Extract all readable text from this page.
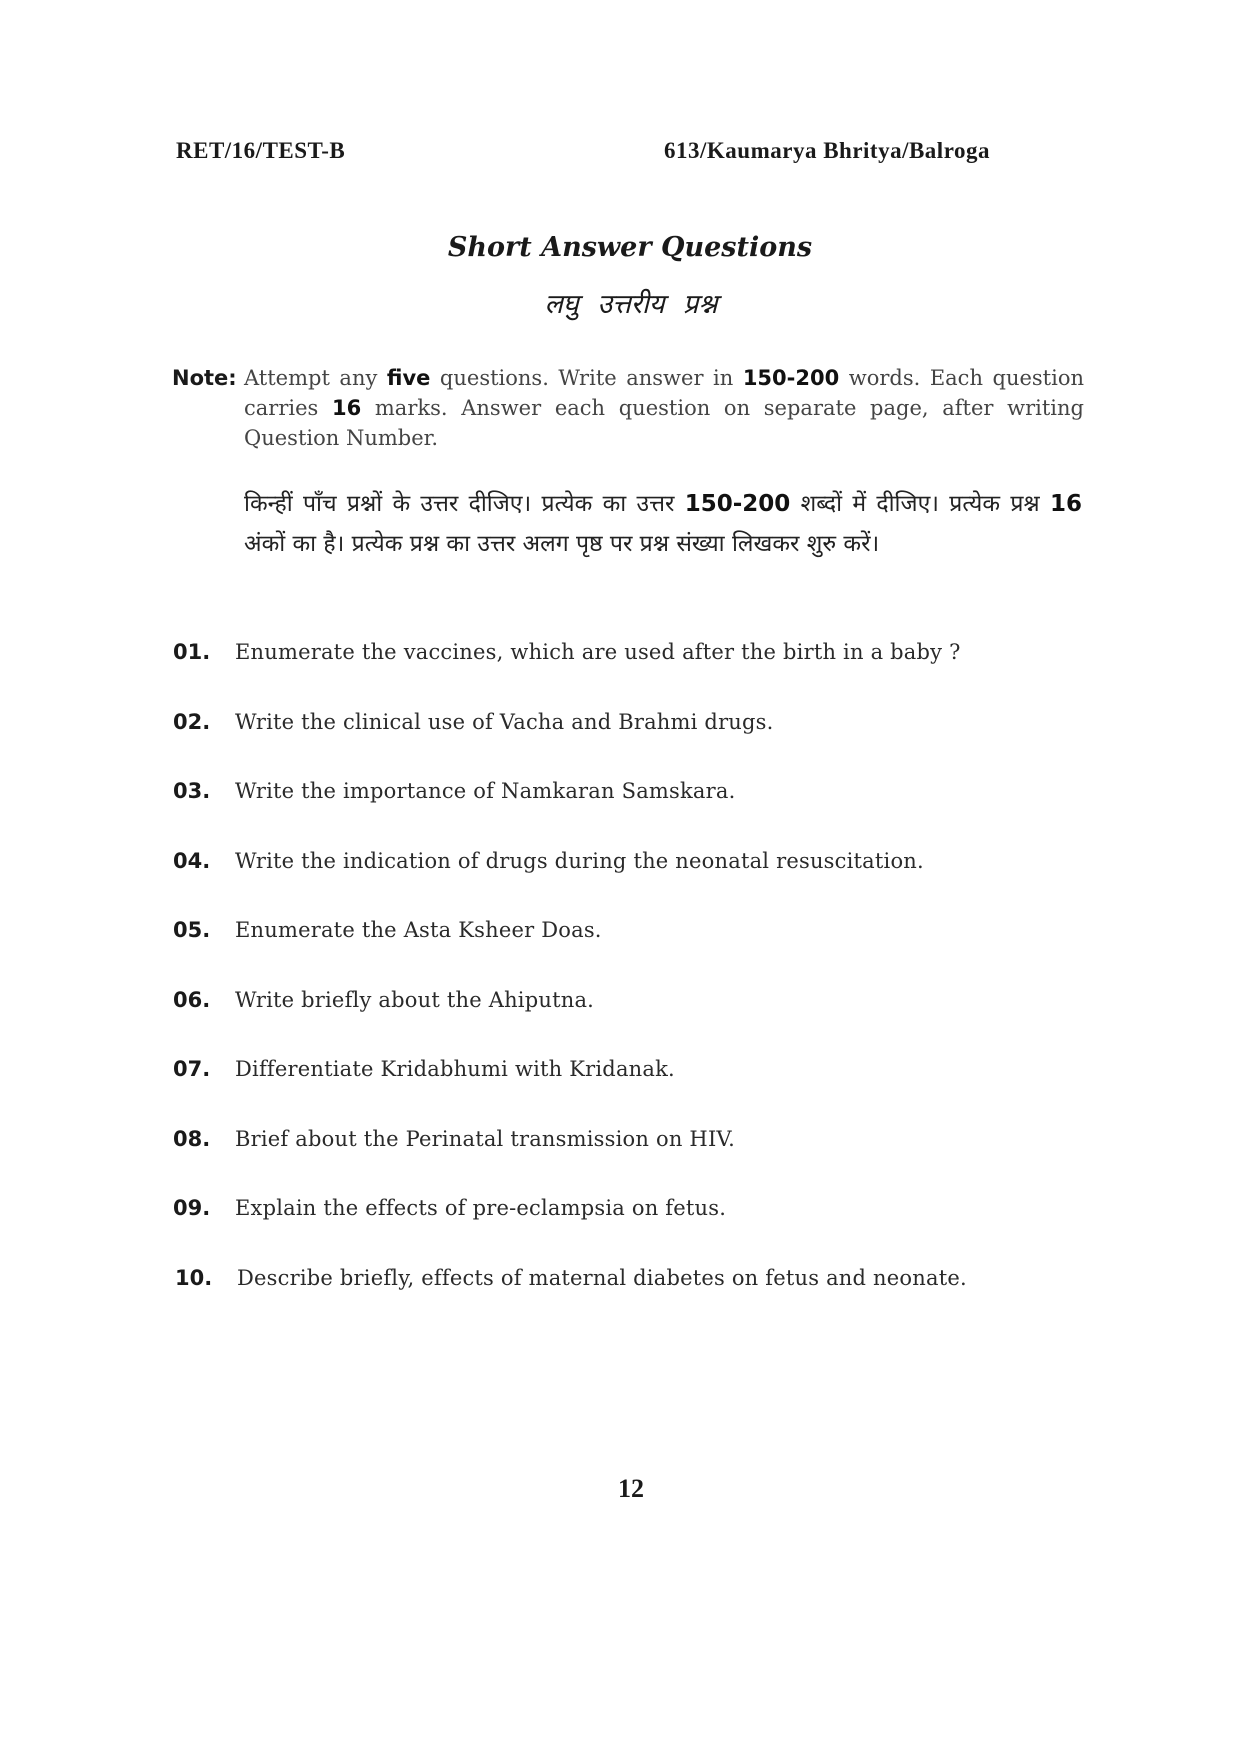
RET/16/TEST-B	613/Kaumarya Bhritya/Balroga
Short Answer Questions
लघु उत्तरीय प्रश्न
Note: Attempt any five questions. Write answer in 150-200 words. Each question carries 16 marks. Answer each question on separate page, after writing Question Number.
किन्हीं पाँच प्रश्नों के उत्तर दीजिए। प्रत्येक का उत्तर 150-200 शब्दों में दीजिए। प्रत्येक प्रश्न 16 अंकों का है। प्रत्येक प्रश्न का उत्तर अलग पृष्ठ पर प्रश्न संख्या लिखकर शुरु करें।
01.	Enumerate the vaccines, which are used after the birth in a baby ?
02.	Write the clinical use of Vacha and Brahmi drugs.
03.	Write the importance of Namkaran Samskara.
04.	Write the indication of drugs during the neonatal resuscitation.
05.	Enumerate the Asta Ksheer Doas.
06.	Write briefly about the Ahiputna.
07.	Differentiate Kridabhumi with Kridanak.
08.	Brief about the Perinatal transmission on HIV.
09.	Explain the effects of pre-eclampsia on fetus.
10.	Describe briefly, effects of maternal diabetes on fetus and neonate.
12
